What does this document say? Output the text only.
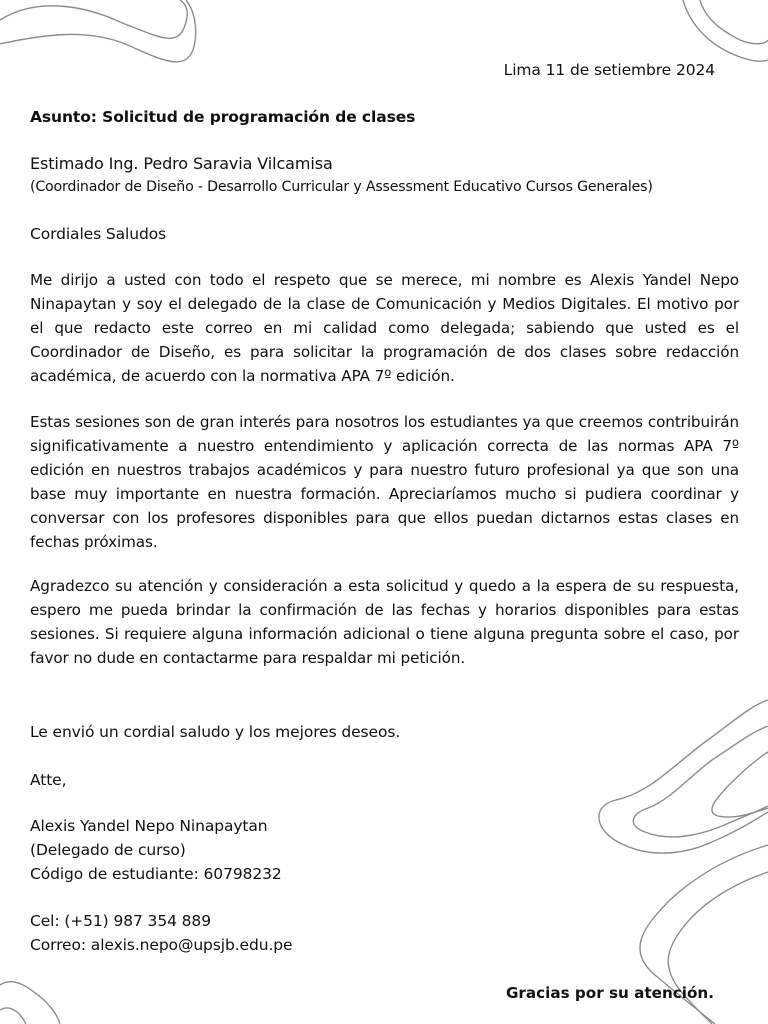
Lima 11 de setiembre 2024
Asunto: Solicitud de programación de clases
Estimado Ing. Pedro Saravia Vilcamisa
(Coordinador de Diseño - Desarrollo Curricular y Assessment Educativo Cursos Generales)
Cordiales Saludos

Me dirijo a usted con todo el respeto que se merece, mi nombre es Alexis Yandel Nepo Ninapaytan y soy el delegado de la clase de Comunicación y Medios Digitales. El motivo por el que redacto este correo en mi calidad como delegada; sabiendo que usted es el Coordinador de Diseño, es para solicitar la programación de dos clases sobre redacción académica, de acuerdo con la normativa APA 7º edición.

Estas sesiones son de gran interés para nosotros los estudiantes ya que creemos contribuirán significativamente a nuestro entendimiento y aplicación correcta de las normas APA 7º edición en nuestros trabajos académicos y para nuestro futuro profesional ya que son una base muy importante en nuestra formación. Apreciaríamos mucho si pudiera coordinar y conversar con los profesores disponibles para que ellos puedan dictarnos estas clases en fechas próximas.

Agradezco su atención y consideración a esta solicitud y quedo a la espera de su respuesta, espero me pueda brindar la confirmación de las fechas y horarios disponibles para estas sesiones. Si requiere alguna información adicional o tiene alguna pregunta sobre el caso, por favor no dude en contactarme para respaldar mi petición.

Le envió un cordial saludo y los mejores deseos.
Atte,
Alexis Yandel Nepo Ninapaytan
(Delegado de curso)
Código de estudiante: 60798232
Cel: (+51) 987 354 889
Correo: alexis.nepo@upsjb.edu.pe
Gracias por su atención.
